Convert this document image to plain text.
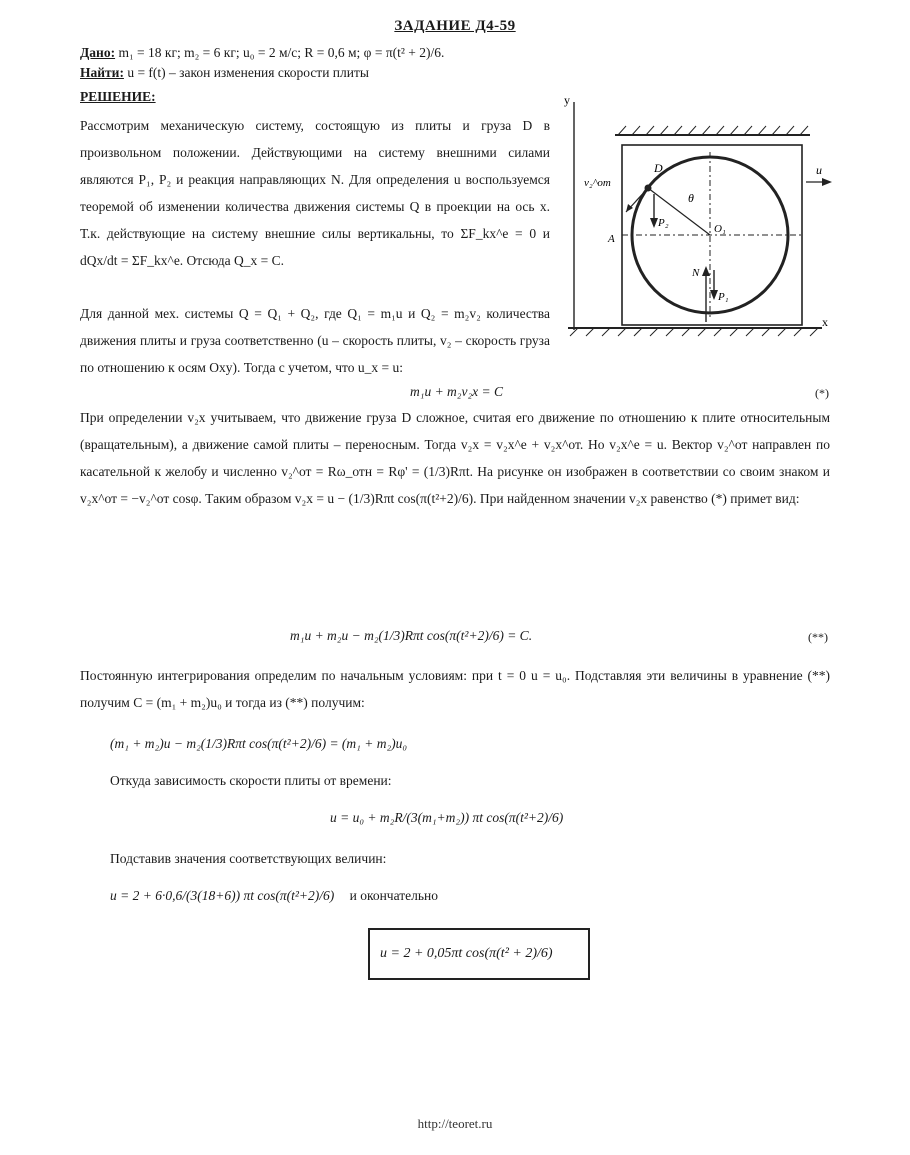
ЗАДАНИЕ Д4-59
Дано: m₁ = 18 кг; m₂ = 6 кг; u₀ = 2 м/с; R = 0,6 м; φ = π(t² + 2)/6.
Найти: u = f(t) – закон изменения скорости плиты
РЕШЕНИЕ:
Рассмотрим механическую систему, состоящую из плиты и груза D в произвольном положении. Действующими на систему внешними силами являются P₁, P₂ и реакция направляющих N. Для определения u воспользуемся теоремой об изменении количества движения системы Q в проекции на ось x. Т.к. действующие на систему внешние силы вертикальны, то ΣF_kx^e = 0 и dQx/dt = ΣF_kx^e. Отсюда Q_x = C.
y
x
D
θ
O₁
A
v₂^от
P₂
u
N
P₁
Для данной мех. системы Q = Q₁ + Q₂, где Q₁ = m₁u и Q₂ = m₂v₂ количества движения плиты и груза соответственно (u – скорость плиты, v₂ – скорость груза по отношению к осям Oxy). Тогда с учетом, что u_x = u:
m₁u + m₂v₂x = C	(*)
При определении v₂x учитываем, что движение груза D сложное, считая его движение по отношению к плите относительным (вращательным), а движение самой плиты – переносным. Тогда v₂x = v₂x^е + v₂x^от. Но v₂x^е = u. Вектор v₂^от направлен по касательной к желобу и численно v₂^от = Rω_отн = Rφ' = (1/3)Rπt. На рисунке он изображен в соответствии со своим знаком и v₂x^от = −v₂^от cosφ. Таким образом v₂x = u − (1/3)Rπt cos(π(t²+2)/6). При найденном значении v₂x равенство (*) примет вид:
m₁u + m₂u − m₂(1/3)Rπt cos(π(t²+2)/6) = C.	(**)
Постоянную интегрирования определим по начальным условиям: при t = 0 u = u₀. Подставляя эти величины в уравнение (**) получим C = (m₁ + m₂)u₀ и тогда из (**) получим:
(m₁ + m₂)u − m₂(1/3)Rπt cos(π(t²+2)/6) = (m₁ + m₂)u₀
Откуда зависимость скорости плиты от времени:
u = u₀ + m₂R/(3(m₁+m₂)) πt cos(π(t²+2)/6)
Подставив значения соответствующих величин:
u = 2 + 6·0,6/(3(18+6)) πt cos(π(t²+2)/6) и окончательно
u = 2 + 0,05πt cos(π(t² + 2)/6)
http://teoret.ru
